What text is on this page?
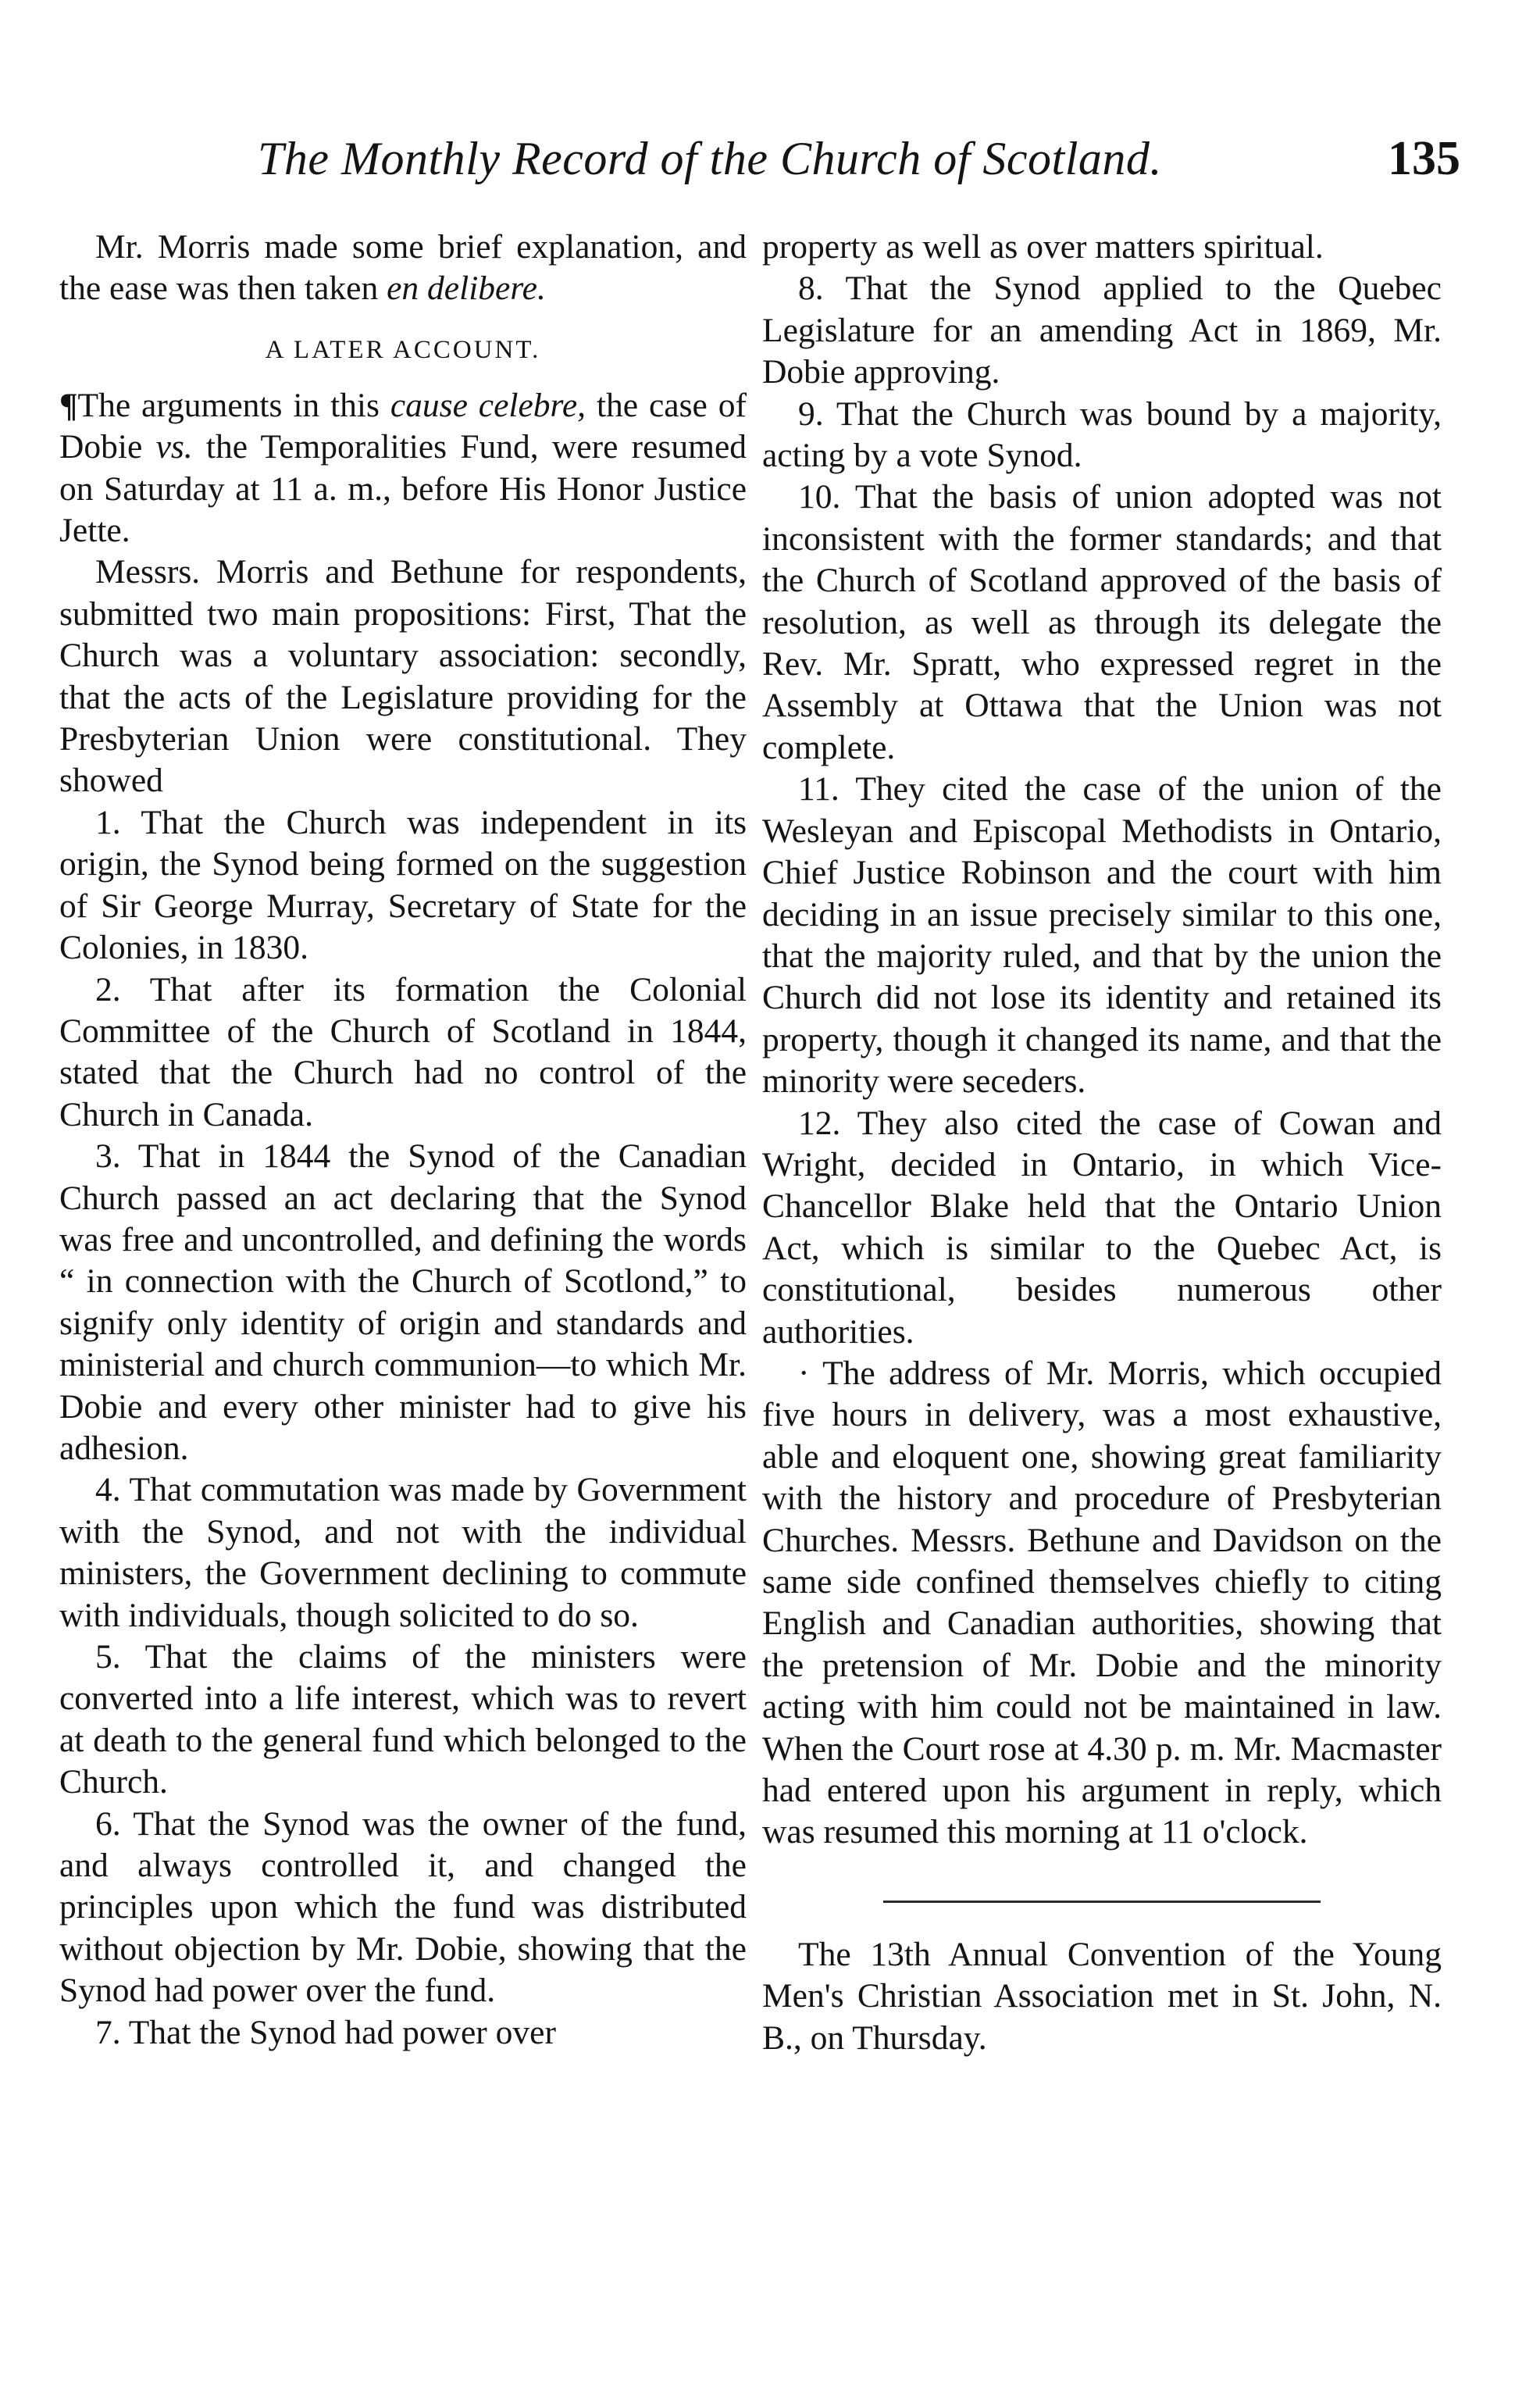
The Monthly Record of the Church of Scotland.	135

Mr. Morris made some brief explanation, and the ease was then taken en delibere.

A LATER ACCOUNT.

¶The arguments in this cause celebre, the case of Dobie vs. the Temporalities Fund, were resumed on Saturday at 11 a. m., before His Honor Justice Jette.

Messrs. Morris and Bethune for respondents, submitted two main propositions: First, That the Church was a voluntary association: secondly, that the acts of the Legislature providing for the Presbyterian Union were constitutional. They showed

1. That the Church was independent in its origin, the Synod being formed on the suggestion of Sir George Murray, Secretary of State for the Colonies, in 1830.

2. That after its formation the Colonial Committee of the Church of Scotland in 1844, stated that the Church had no control of the Church in Canada.

3. That in 1844 the Synod of the Canadian Church passed an act declaring that the Synod was free and uncontrolled, and defining the words “ in connection with the Church of Scotlond,” to signify only identity of origin and standards and ministerial and church communion—to which Mr. Dobie and every other minister had to give his adhesion.

4. That commutation was made by Government with the Synod, and not with the individual ministers, the Government declining to commute with individuals, though solicited to do so.

5. That the claims of the ministers were converted into a life interest, which was to revert at death to the general fund which belonged to the Church.

6. That the Synod was the owner of the fund, and always controlled it, and changed the principles upon which the fund was distributed without objection by Mr. Dobie, showing that the Synod had power over the fund.

7. That the Synod had power over

property as well as over matters spiritual.

8. That the Synod applied to the Quebec Legislature for an amending Act in 1869, Mr. Dobie approving.

9. That the Church was bound by a majority, acting by a vote Synod.

10. That the basis of union adopted was not inconsistent with the former standards; and that the Church of Scotland approved of the basis of resolution, as well as through its delegate the Rev. Mr. Spratt, who expressed regret in the Assembly at Ottawa that the Union was not complete.

11. They cited the case of the union of the Wesleyan and Episcopal Methodists in Ontario, Chief Justice Robinson and the court with him deciding in an issue precisely similar to this one, that the majority ruled, and that by the union the Church did not lose its identity and retained its property, though it changed its name, and that the minority were seceders.

12. They also cited the case of Cowan and Wright, decided in Ontario, in which Vice-Chancellor Blake held that the Ontario Union Act, which is similar to the Quebec Act, is constitutional, besides numerous other authorities.

· The address of Mr. Morris, which occupied five hours in delivery, was a most exhaustive, able and eloquent one, showing great familiarity with the history and procedure of Presbyterian Churches. Messrs. Bethune and Davidson on the same side confined themselves chiefly to citing English and Canadian authorities, showing that the pretension of Mr. Dobie and the minority acting with him could not be maintained in law. When the Court rose at 4.30 p. m. Mr. Macmaster had entered upon his argument in reply, which was resumed this morning at 11 o'clock.

The 13th Annual Convention of the Young Men's Christian Association met in St. John, N. B., on Thursday.
